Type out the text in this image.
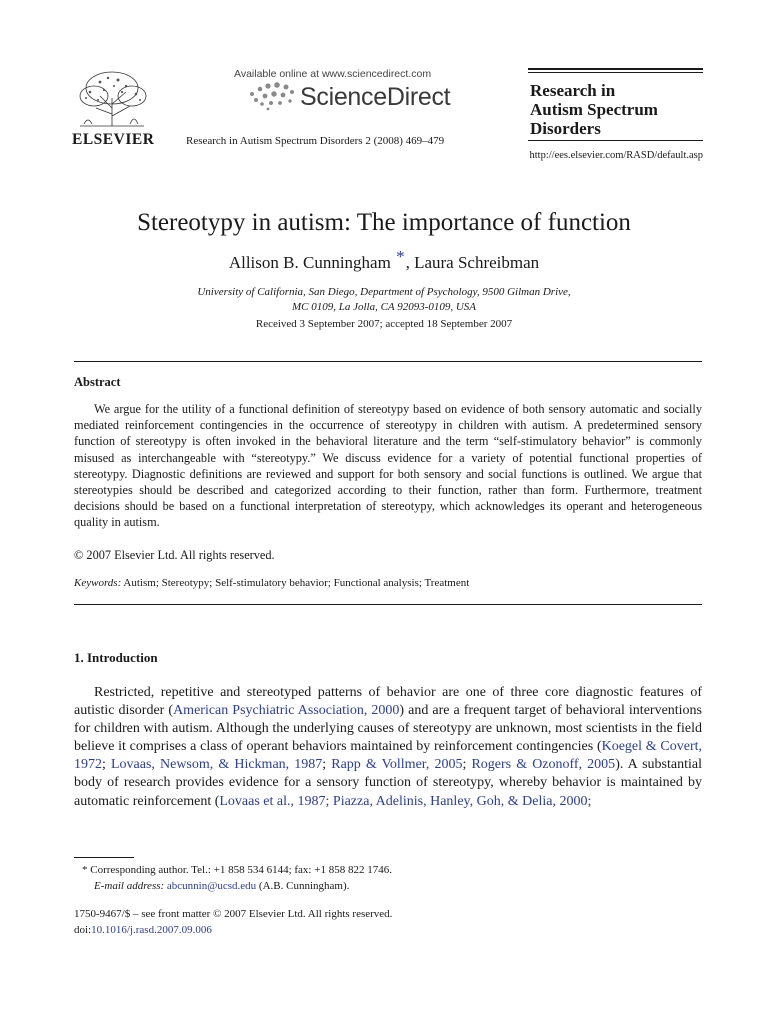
ELSEVIER
Available online at www.sciencedirect.com
ScienceDirect
Research in Autism Spectrum Disorders 2 (2008) 469–479
Research in
Autism Spectrum
Disorders
http://ees.elsevier.com/RASD/default.asp
Stereotypy in autism: The importance of function
Allison B. Cunningham *, Laura Schreibman
University of California, San Diego, Department of Psychology, 9500 Gilman Drive,
MC 0109, La Jolla, CA 92093-0109, USA
Received 3 September 2007; accepted 18 September 2007
Abstract
We argue for the utility of a functional definition of stereotypy based on evidence of both sensory automatic and socially mediated reinforcement contingencies in the occurrence of stereotypy in children with autism. A predetermined sensory function of stereotypy is often invoked in the behavioral literature and the term “self-stimulatory behavior” is commonly misused as interchangeable with “stereotypy.” We discuss evidence for a variety of potential functional properties of stereotypy. Diagnostic definitions are reviewed and support for both sensory and social functions is outlined. We argue that stereotypies should be described and categorized according to their function, rather than form. Furthermore, treatment decisions should be based on a functional interpretation of stereotypy, which acknowledges its operant and heterogeneous quality in autism.
© 2007 Elsevier Ltd. All rights reserved.
Keywords: Autism; Stereotypy; Self-stimulatory behavior; Functional analysis; Treatment
1. Introduction
Restricted, repetitive and stereotyped patterns of behavior are one of three core diagnostic features of autistic disorder (American Psychiatric Association, 2000) and are a frequent target of behavioral interventions for children with autism. Although the underlying causes of stereotypy are unknown, most scientists in the field believe it comprises a class of operant behaviors maintained by reinforcement contingencies (Koegel & Covert, 1972; Lovaas, Newsom, & Hickman, 1987; Rapp & Vollmer, 2005; Rogers & Ozonoff, 2005). A substantial body of research provides evidence for a sensory function of stereotypy, whereby behavior is maintained by automatic reinforcement (Lovaas et al., 1987; Piazza, Adelinis, Hanley, Goh, & Delia, 2000;
* Corresponding author. Tel.: +1 858 534 6144; fax: +1 858 822 1746.
E-mail address: abcunnin@ucsd.edu (A.B. Cunningham).
1750-9467/$ – see front matter © 2007 Elsevier Ltd. All rights reserved.
doi:10.1016/j.rasd.2007.09.006
